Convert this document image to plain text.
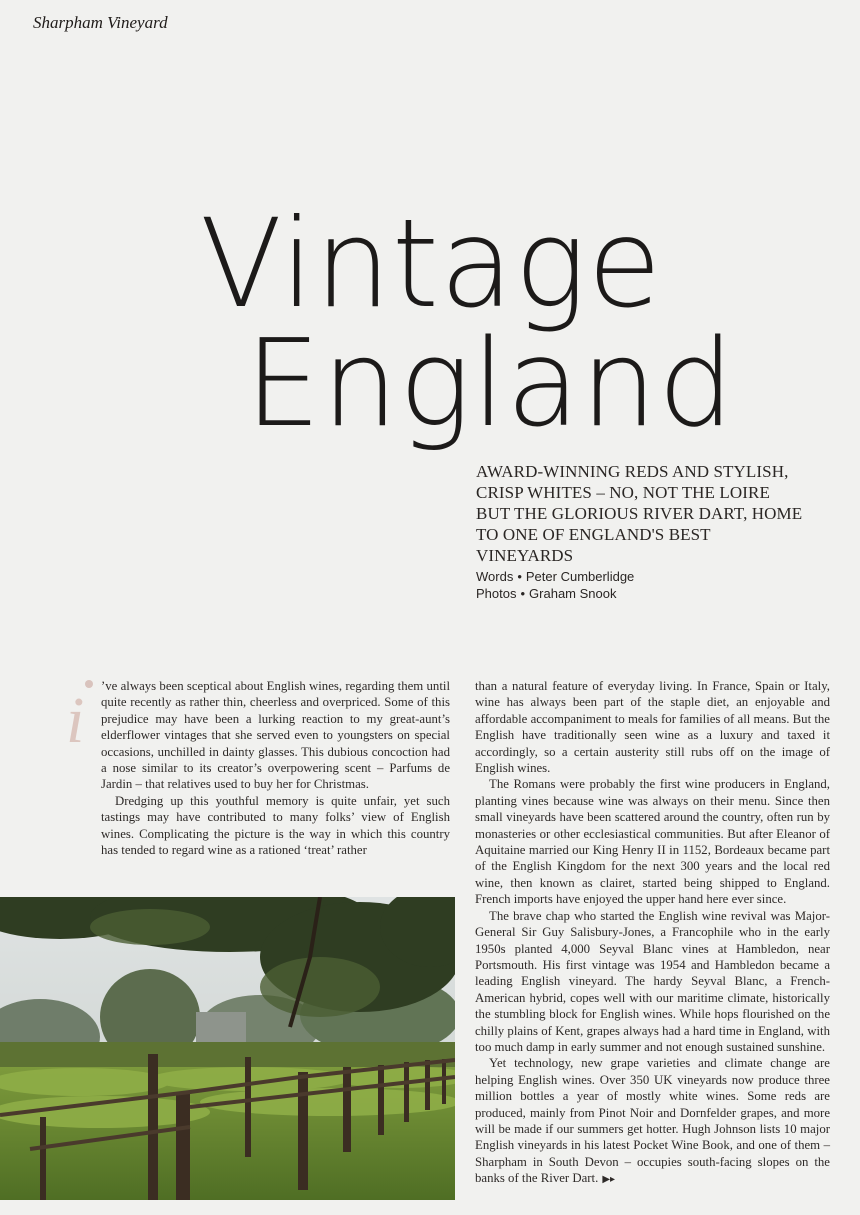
Sharpham Vineyard
Vintage
England
AWARD-WINNING REDS AND STYLISH, CRISP WHITES – NO, NOT THE LOIRE BUT THE GLORIOUS RIVER DART, HOME TO ONE OF ENGLAND'S BEST VINEYARDS
Words • Peter Cumberlidge
Photos • Graham Snook
i ’ve always been sceptical about English wines, regarding them until quite recently as rather thin, cheerless and overpriced. Some of this prejudice may have been a lurking reaction to my great-aunt’s elderflower vintages that she served even to youngsters on special occasions, unchilled in dainty glasses. This dubious concoction had a nose similar to its creator’s overpowering scent – Parfums de Jardin – that relatives used to buy her for Christmas.

Dredging up this youthful memory is quite unfair, yet such tastings may have contributed to many folks’ view of English wines. Complicating the picture is the way in which this country has tended to regard wine as a rationed ‘treat’ rather

than a natural feature of everyday living. In France, Spain or Italy, wine has always been part of the staple diet, an enjoyable and affordable accompaniment to meals for families of all means. But the English have traditionally seen wine as a luxury and taxed it accordingly, so a certain austerity still rubs off on the image of English wines.

The Romans were probably the first wine producers in England, planting vines because wine was always on their menu. Since then small vineyards have been scattered around the country, often run by monasteries or other ecclesiastical communities. But after Eleanor of Aquitaine married our King Henry II in 1152, Bordeaux became part of the English Kingdom for the next 300 years and the local red wine, then known as clairet, started being shipped to England. French imports have enjoyed the upper hand here ever since.

The brave chap who started the English wine revival was Major-General Sir Guy Salisbury-Jones, a Francophile who in the early 1950s planted 4,000 Seyval Blanc vines at Hambledon, near Portsmouth. His first vintage was 1954 and Hambledon became a leading English vineyard. The hardy Seyval Blanc, a French-American hybrid, copes well with our maritime climate, historically the stumbling block for English wines. While hops flourished on the chilly plains of Kent, grapes always had a hard time in England, with too much damp in early summer and not enough sustained sunshine.

Yet technology, new grape varieties and climate change are helping English wines. Over 350 UK vineyards now produce three million bottles a year of mostly white wines. Some reds are produced, mainly from Pinot Noir and Dornfelder grapes, and more will be made if our summers get hotter. Hugh Johnson lists 10 major English vineyards in his latest Pocket Wine Book, and one of them – Sharpham in South Devon – occupies south-facing slopes on the banks of the River Dart. ▶▸
